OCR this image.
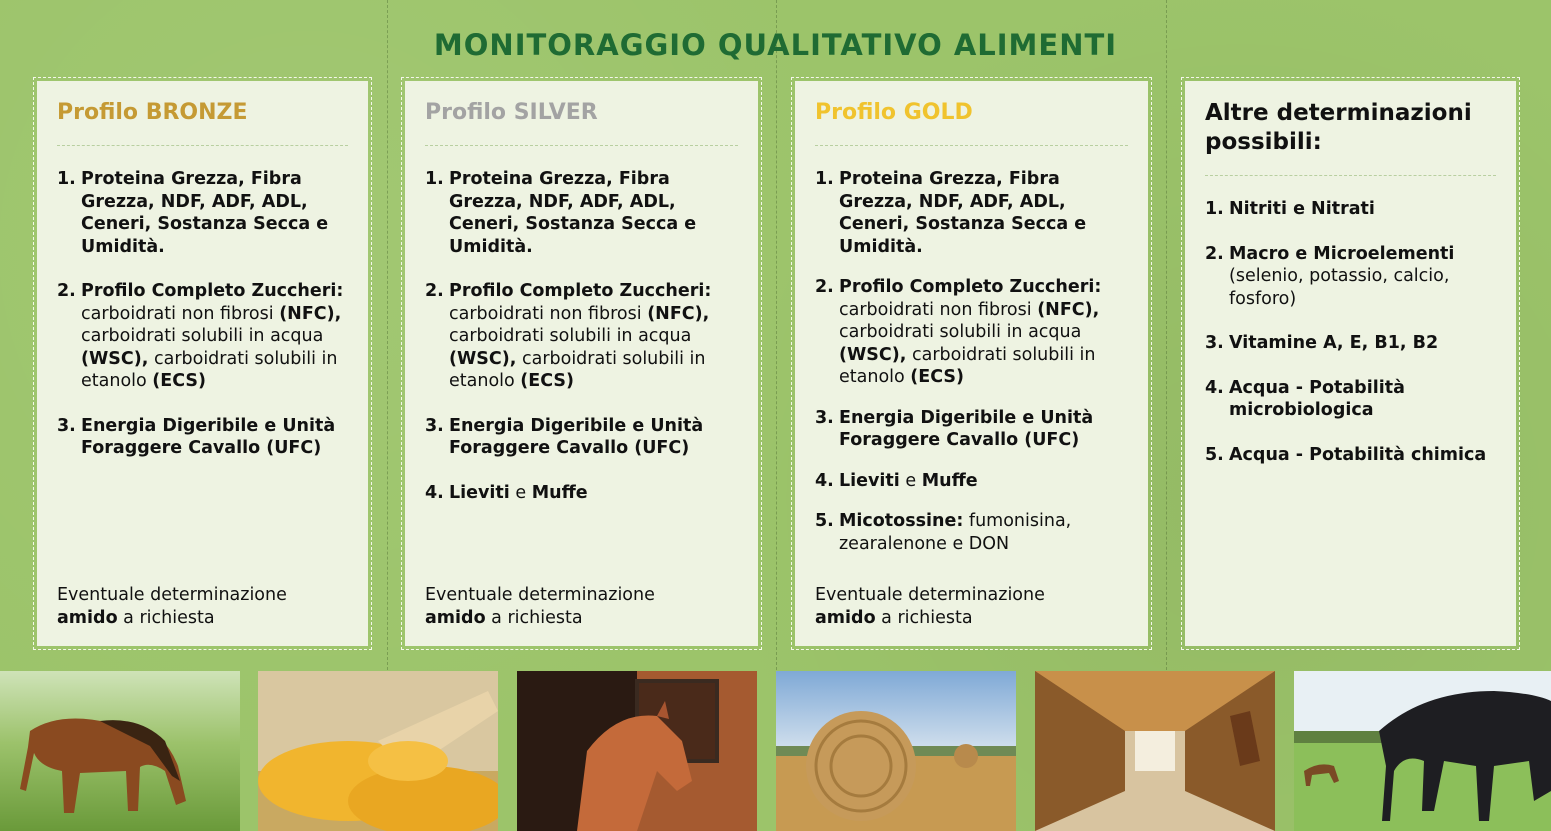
MONITORAGGIO QUALITATIVO ALIMENTI
Profilo BRONZE
1. Proteina Grezza, Fibra Grezza, NDF, ADF, ADL, Ceneri, Sostanza Secca e Umidità.
2. Profilo Completo Zuccheri: carboidrati non fibrosi (NFC), carboidrati solubili in acqua (WSC), carboidrati solubili in etanolo (ECS)
3. Energia Digeribile e Unità Foraggere Cavallo (UFC)
Eventuale determinazione
amido a richiesta
Profilo SILVER
1. Proteina Grezza, Fibra Grezza, NDF, ADF, ADL, Ceneri, Sostanza Secca e Umidità.
2. Profilo Completo Zuccheri:
carboidrati non fibrosi (NFC), carboidrati solubili in acqua (WSC), carboidrati solubili in etanolo (ECS)
3. Energia Digeribile e Unità Foraggere Cavallo (UFC)
4. Lieviti e Muffe
Eventuale determinazione
amido a richiesta
Profilo GOLD
1. Proteina Grezza, Fibra Grezza, NDF, ADF, ADL, Ceneri, Sostanza Secca e Umidità.
2. Profilo Completo Zuccheri:
carboidrati non fibrosi (NFC), carboidrati solubili in acqua (WSC), carboidrati solubili in etanolo (ECS)
3. Energia Digeribile e Unità Foraggere Cavallo (UFC)
4. Lieviti e Muffe
5. Micotossine: fumonisina, zearalenone e DON
Eventuale determinazione
amido a richiesta
Altre determinazioni possibili:
1. Nitriti e Nitrati
2. Macro e Microelementi
(selenio, potassio, calcio, fosforo)
3. Vitamine A, E, B1, B2
4. Acqua - Potabilità microbiologica
5. Acqua - Potabilità chimica
